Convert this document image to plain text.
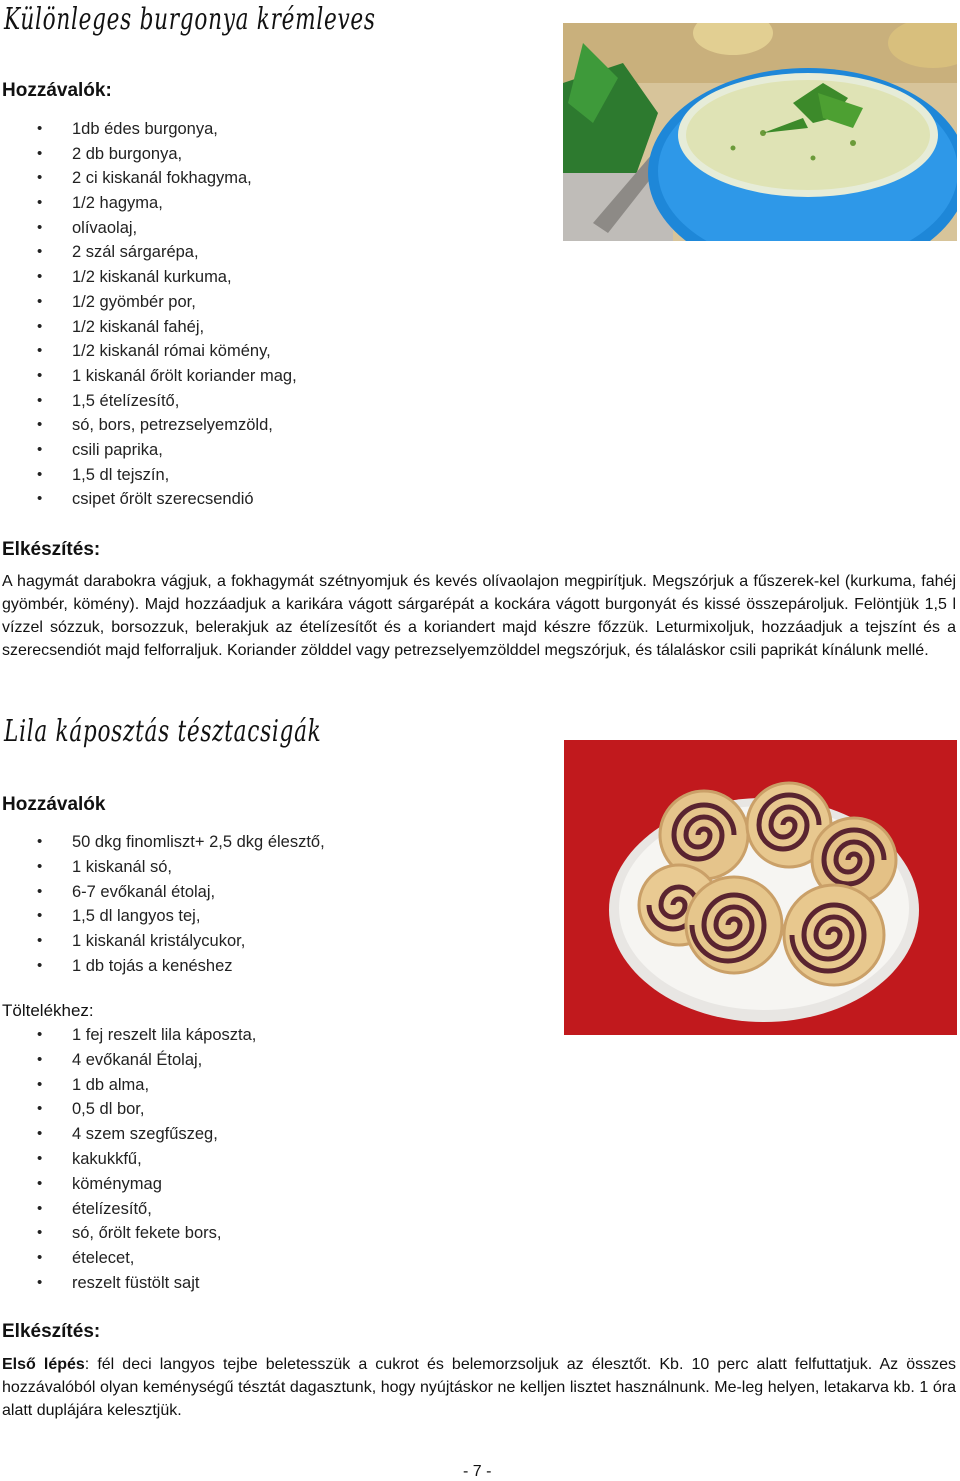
Különleges burgonya krémleves
Hozzávalók:
• 1db édes burgonya,
• 2 db burgonya,
• 2 ci kiskanál fokhagyma,
• 1/2 hagyma,
• olívaolaj,
• 2 szál sárgarépa,
• 1/2 kiskanál kurkuma,
• 1/2 gyömbér por,
• 1/2 kiskanál fahéj,
• 1/2 kiskanál római kömény,
• 1 kiskanál őrölt koriander mag,
• 1,5 ételízesítő,
• só, bors, petrezselyemzöld,
• csili paprika,
• 1,5 dl tejszín,
• csipet őrölt szerecsendió
Elkészítés:
A hagymát darabokra vágjuk, a fokhagymát szétnyomjuk és kevés olívaolajon megpirítjuk. Megszórjuk a fűszerek-kel (kurkuma, fahéj gyömbér, kömény). Majd hozzáadjuk a karikára vágott sárgarépát a kockára vágott burgonyát és kissé összepároljuk. Felöntjük 1,5 l vízzel sózzuk, borsozzuk, belerakjuk az ételízesítőt és a koriandert majd készre főzzük. Leturmixoljuk, hozzáadjuk a tejszínt és a szerecsendiót majd felforraljuk. Koriander zölddel vagy petrezselyemzölddel megszórjuk, és tálaláskor csili paprikát kínálunk mellé.
Lila káposztás tésztacsigák
Hozzávalók
• 50 dkg finomliszt+ 2,5 dkg élesztő,
• 1 kiskanál só,
• 6-7 evőkanál étolaj,
• 1,5 dl langyos tej,
• 1 kiskanál kristálycukor,
• 1 db tojás a kenéshez
Töltelékhez:
• 1 fej reszelt lila káposzta,
• 4 evőkanál Étolaj,
• 1 db alma,
• 0,5 dl bor,
• 4 szem szegfűszeg,
• kakukkfű,
• köménymag
• ételízesítő,
• só, őrölt fekete bors,
• ételecet,
• reszelt füstölt sajt
Elkészítés:
Első lépés: fél deci langyos tejbe beletesszük a cukrot és belemorzsoljuk az élesztőt. Kb. 10 perc alatt felfuttatjuk. Az összes hozzávalóból olyan keménységű tésztát dagasztunk, hogy nyújtáskor ne kelljen lisztet használnunk. Me-leg helyen, letakarva kb. 1 óra alatt duplájára kelesztjük.
- 7 -
